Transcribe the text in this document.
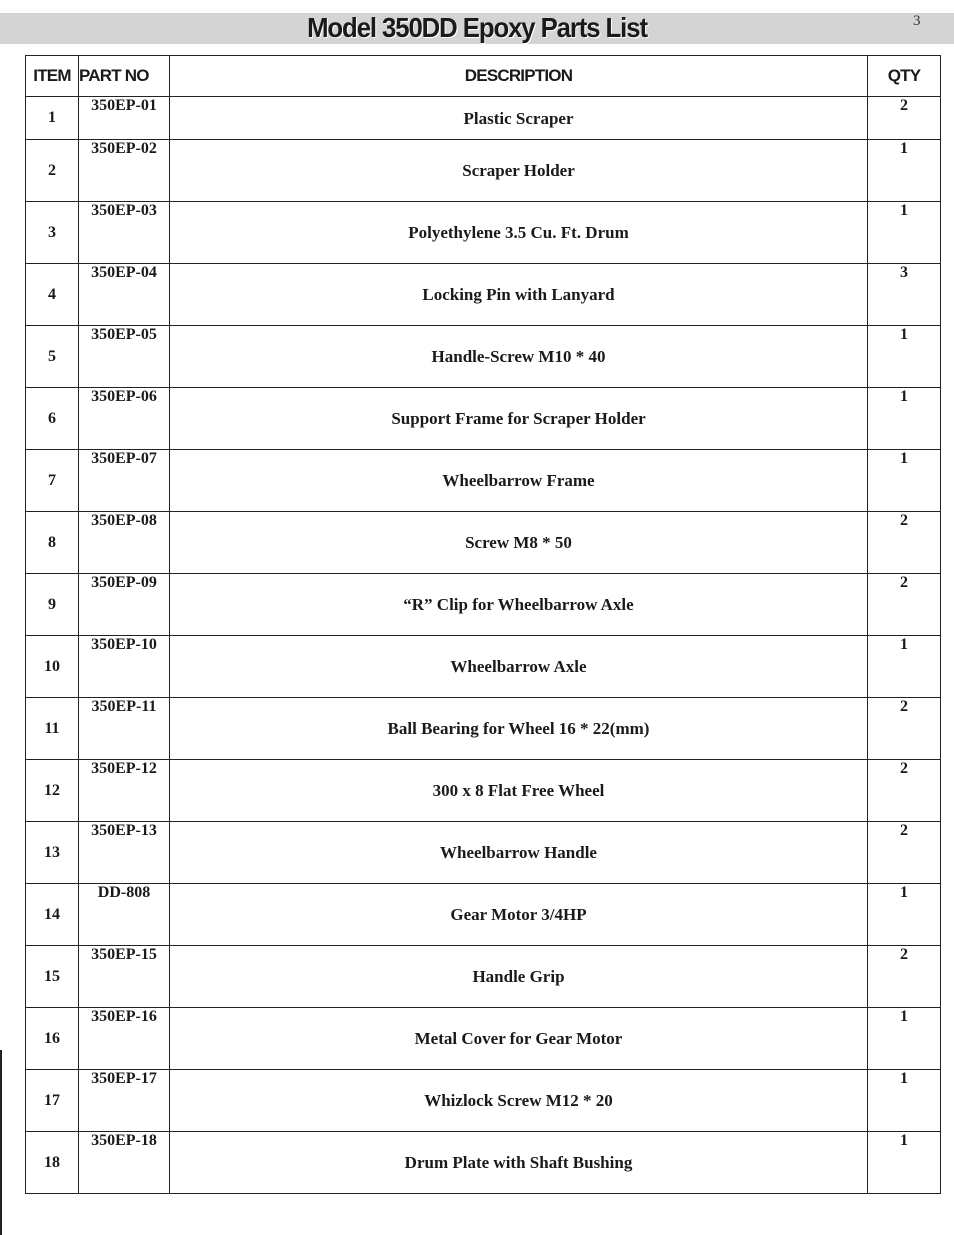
Model 350DD Epoxy Parts List	3
ITEM	PART NO	DESCRIPTION	QTY
1	350EP-01	Plastic Scraper	2
2	350EP-02	Scraper Holder	1
3	350EP-03	Polyethylene 3.5 Cu. Ft. Drum	1
4	350EP-04	Locking Pin with Lanyard	3
5	350EP-05	Handle-Screw M10 * 40	1
6	350EP-06	Support Frame for Scraper Holder	1
7	350EP-07	Wheelbarrow Frame	1
8	350EP-08	Screw M8 * 50	2
9	350EP-09	“R” Clip for Wheelbarrow Axle	2
10	350EP-10	Wheelbarrow Axle	1
11	350EP-11	Ball Bearing for Wheel 16 * 22(mm)	2
12	350EP-12	300 x 8 Flat Free Wheel	2
13	350EP-13	Wheelbarrow Handle	2
14	DD-808	Gear Motor 3/4HP	1
15	350EP-15	Handle Grip	2
16	350EP-16	Metal Cover for Gear Motor	1
17	350EP-17	Whizlock Screw M12 * 20	1
18	350EP-18	Drum Plate with Shaft Bushing	1
